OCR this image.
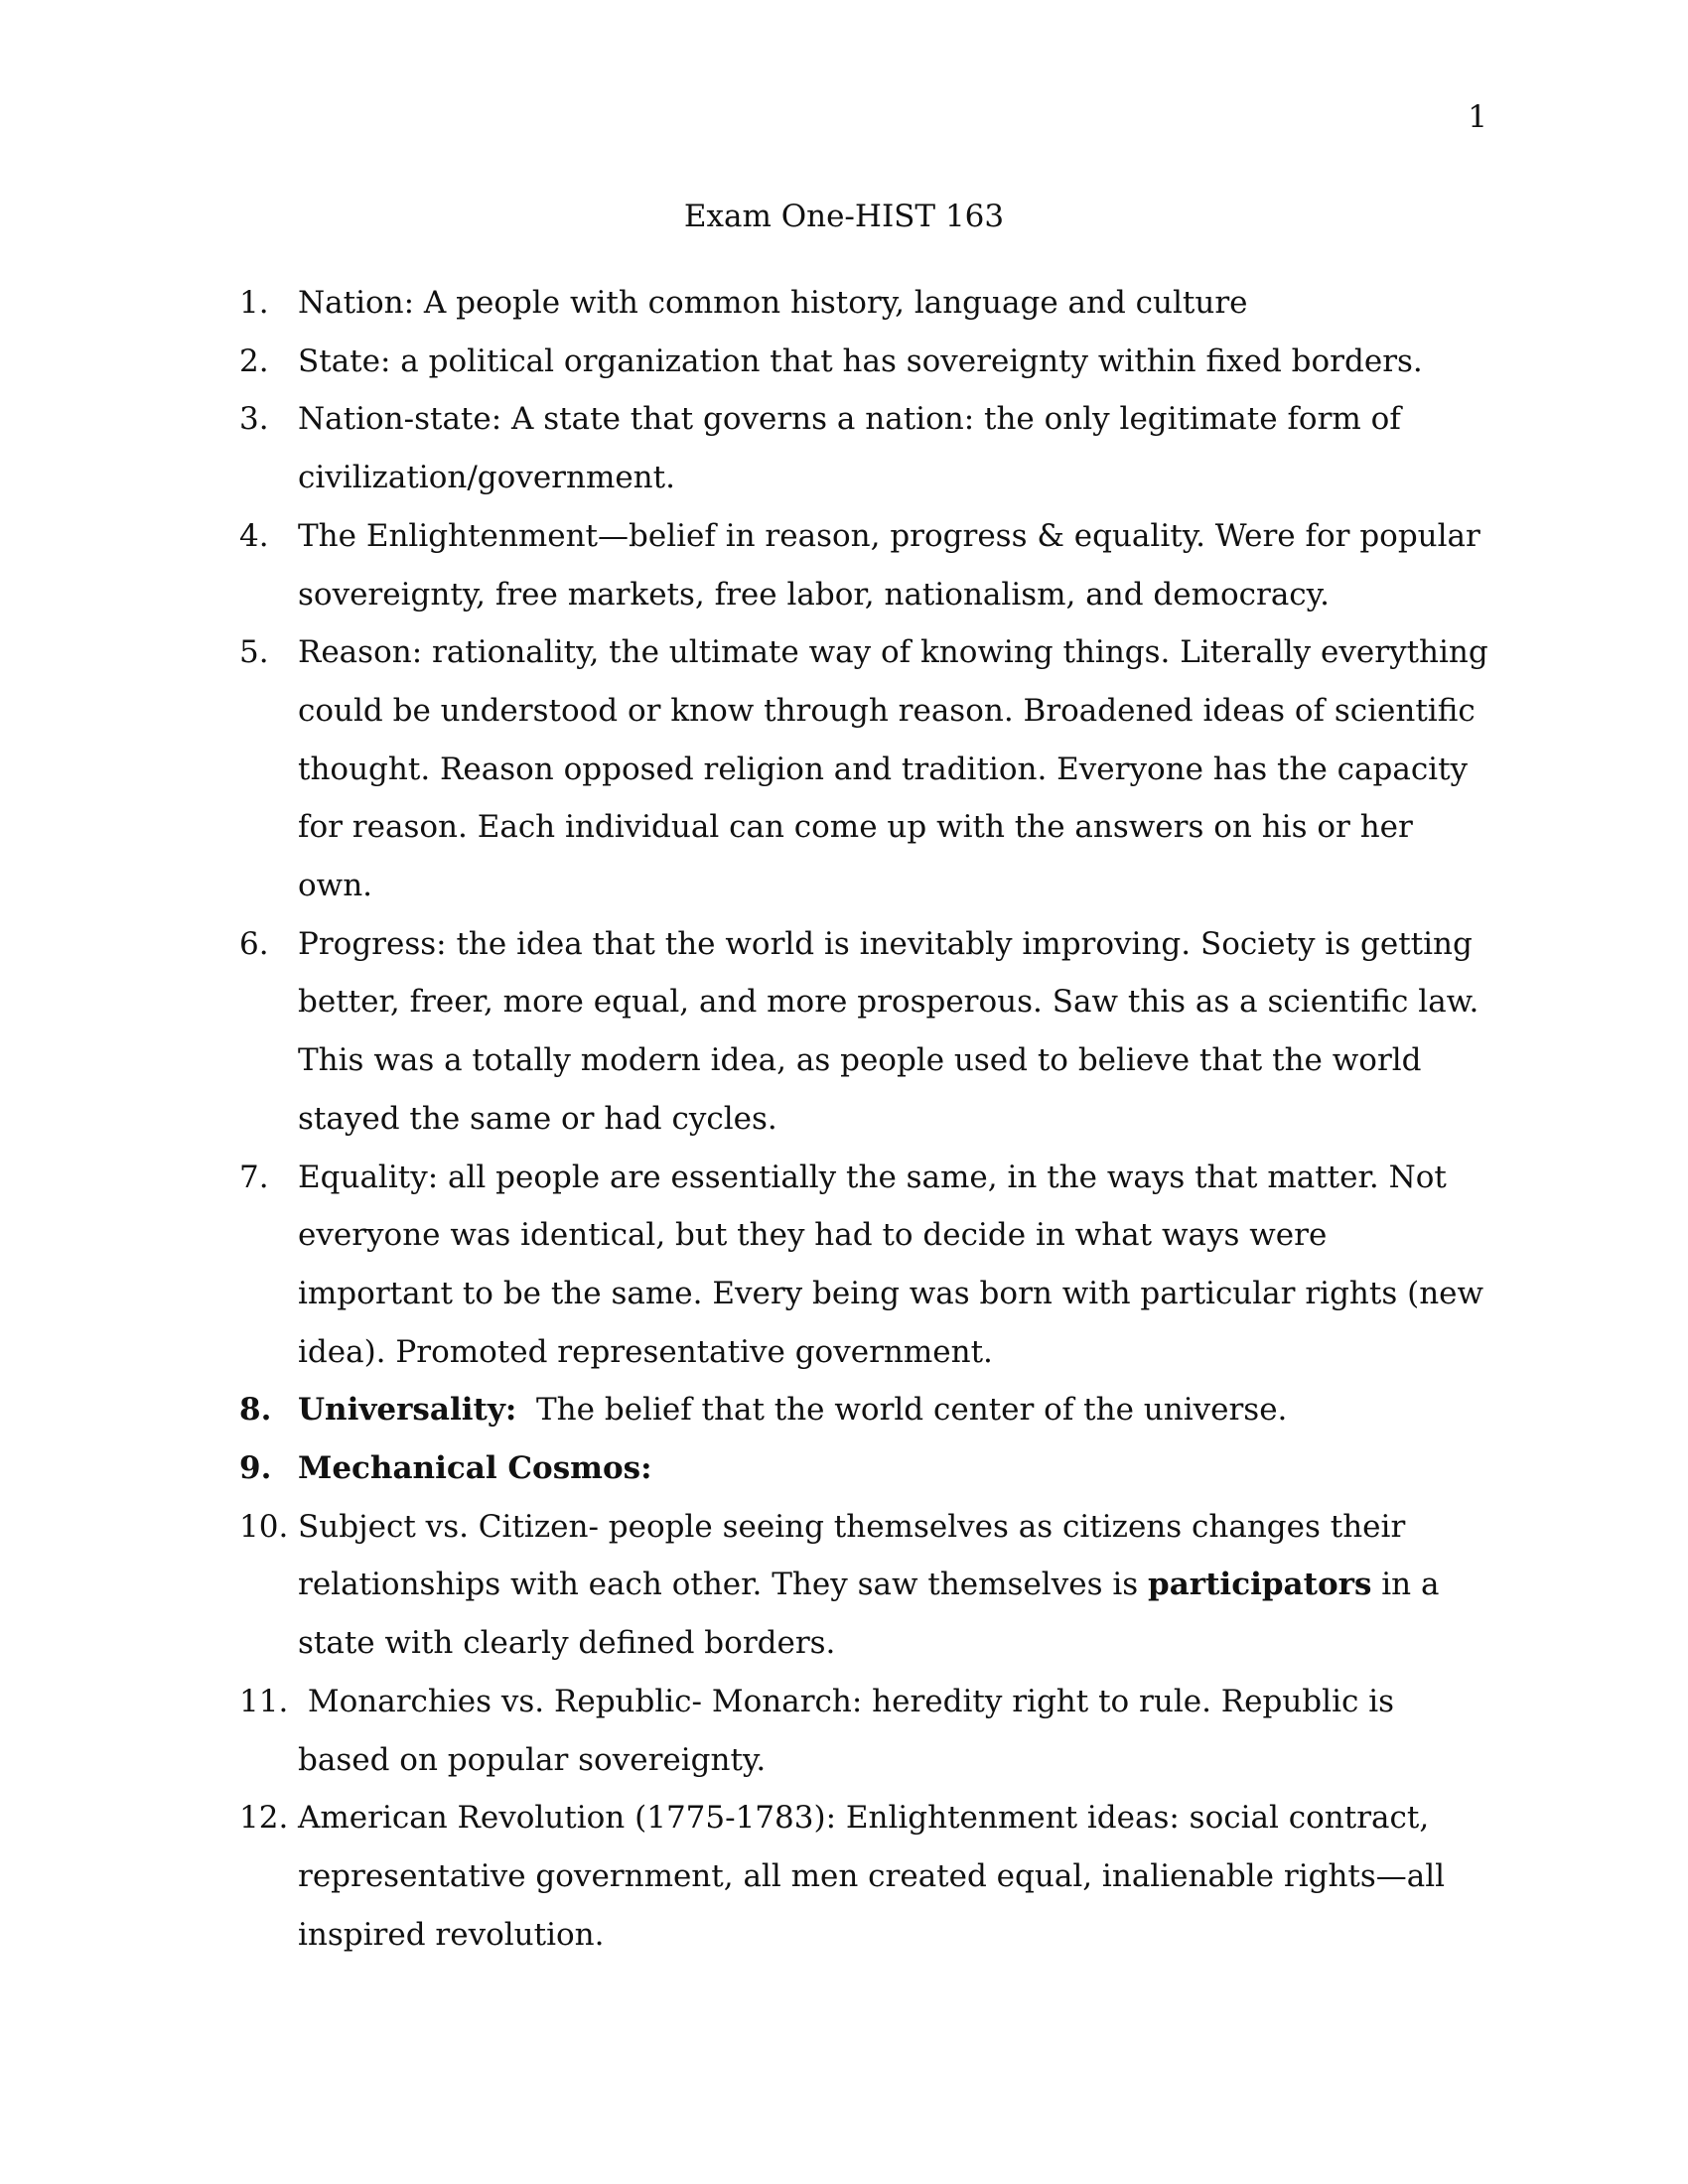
1
Exam One-HIST 163
1. Nation: A people with common history, language and culture
2. State: a political organization that has sovereignty within fixed borders.
3. Nation-state: A state that governs a nation: the only legitimate form of civilization/government.
4. The Enlightenment—belief in reason, progress & equality. Were for popular sovereignty, free markets, free labor, nationalism, and democracy.
5. Reason: rationality, the ultimate way of knowing things. Literally everything could be understood or know through reason. Broadened ideas of scientific thought. Reason opposed religion and tradition. Everyone has the capacity for reason. Each individual can come up with the answers on his or her own.
6. Progress: the idea that the world is inevitably improving. Society is getting better, freer, more equal, and more prosperous. Saw this as a scientific law. This was a totally modern idea, as people used to believe that the world stayed the same or had cycles.
7. Equality: all people are essentially the same, in the ways that matter. Not everyone was identical, but they had to decide in what ways were important to be the same. Every being was born with particular rights (new idea). Promoted representative government.
8. Universality:  The belief that the world center of the universe.
9. Mechanical Cosmos:
10. Subject vs. Citizen- people seeing themselves as citizens changes their relationships with each other. They saw themselves is participators in a state with clearly defined borders.
11. Monarchies vs. Republic- Monarch: heredity right to rule. Republic is based on popular sovereignty.
12. American Revolution (1775-1783): Enlightenment ideas: social contract, representative government, all men created equal, inalienable rights—all inspired revolution.
